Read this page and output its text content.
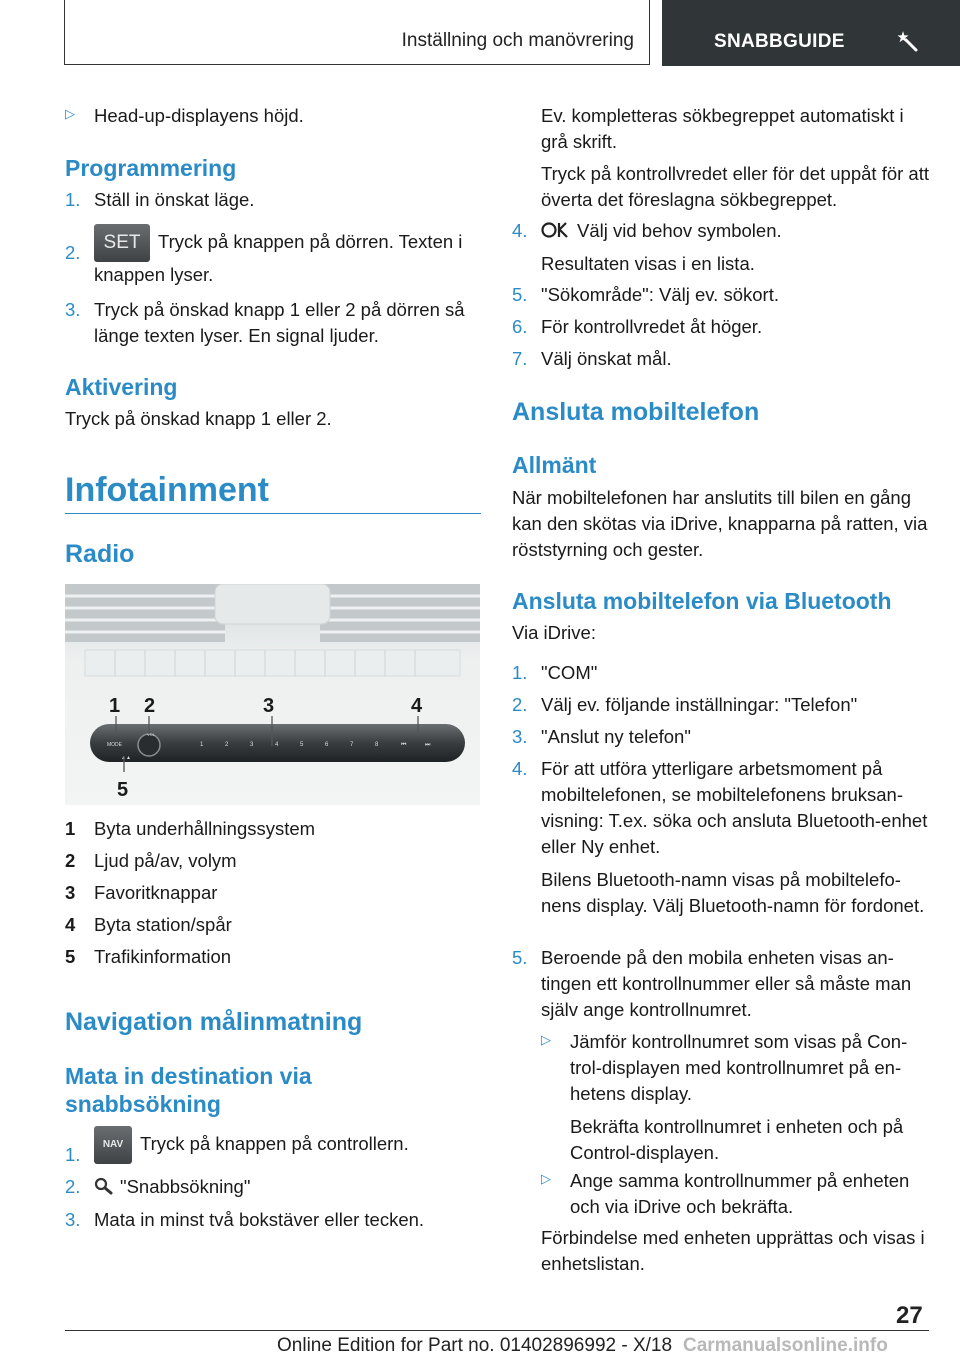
Inställning och manövrering	SNABBGUIDE
▷ Head-up-displayens höjd.
Programmering
1. Ställ in önskat läge.
2.	SET Tryck på knappen på dörren. Texten i knappen lyser.
3. Tryck på önskad knapp 1 eller 2 på dörren så länge texten lyser. En signal ljuder.
Aktivering
Tryck på önskad knapp 1 eller 2.
Infotainment
Radio
1 Byta underhållningssystem
2 Ljud på/av, volym
3 Favoritknappar
4 Byta station/spår
5 Trafikinformation
Navigation målinmatning
Mata in destination via
snabbsökning
1.	NAV Tryck på knappen på controllern.
2.	"Snabbsökning"
3. Mata in minst två bokstäver eller tecken.
MODE
VOL
1	2	3	4	5	6	7	8	⏮	⏭
▲▲
1 2	3	4
5
Ev. kompletteras sökbegreppet automatiskt i grå skrift.
Tryck på kontrollvredet eller för det uppåt för att överta det föreslagna sökbegreppet.
4.	Välj vid behov symbolen.
Resultaten visas i en lista.
5. "Sökområde": Välj ev. sökort.
6. För kontrollvredet åt höger.
7. Välj önskat mål.
Ansluta mobiltelefon
Allmänt
När mobiltelefonen har anslutits till bilen en gång kan den skötas via iDrive, knapparna på ratten, via röststyrning och gester.
Ansluta mobiltelefon via Bluetooth
Via iDrive:
1. "COM"
2. Välj ev. följande inställningar: "Telefon"
3. "Anslut ny telefon"
4. För att utföra ytterligare arbetsmoment på mobiltelefonen, se mobiltelefonens bruksanvisning: T.ex. söka och ansluta Bluetooth-enhet eller Ny enhet.
Bilens Bluetooth-namn visas på mobiltelefonens display. Välj Bluetooth-namn för fordonet.
5. Beroende på den mobila enheten visas antingen ett kontrollnummer eller så måste man själv ange kontrollnumret.
▷ Jämför kontrollnumret som visas på Control-displayen med kontrollnumret på enhetens display.
Bekräfta kontrollnumret i enheten och på Control-displayen.
▷ Ange samma kontrollnummer på enheten och via iDrive och bekräfta.
Förbindelse med enheten upprättas och visas i enhetslistan.
27
Online Edition for Part no. 01402896992 - X/18 Carmanualsonline.info
